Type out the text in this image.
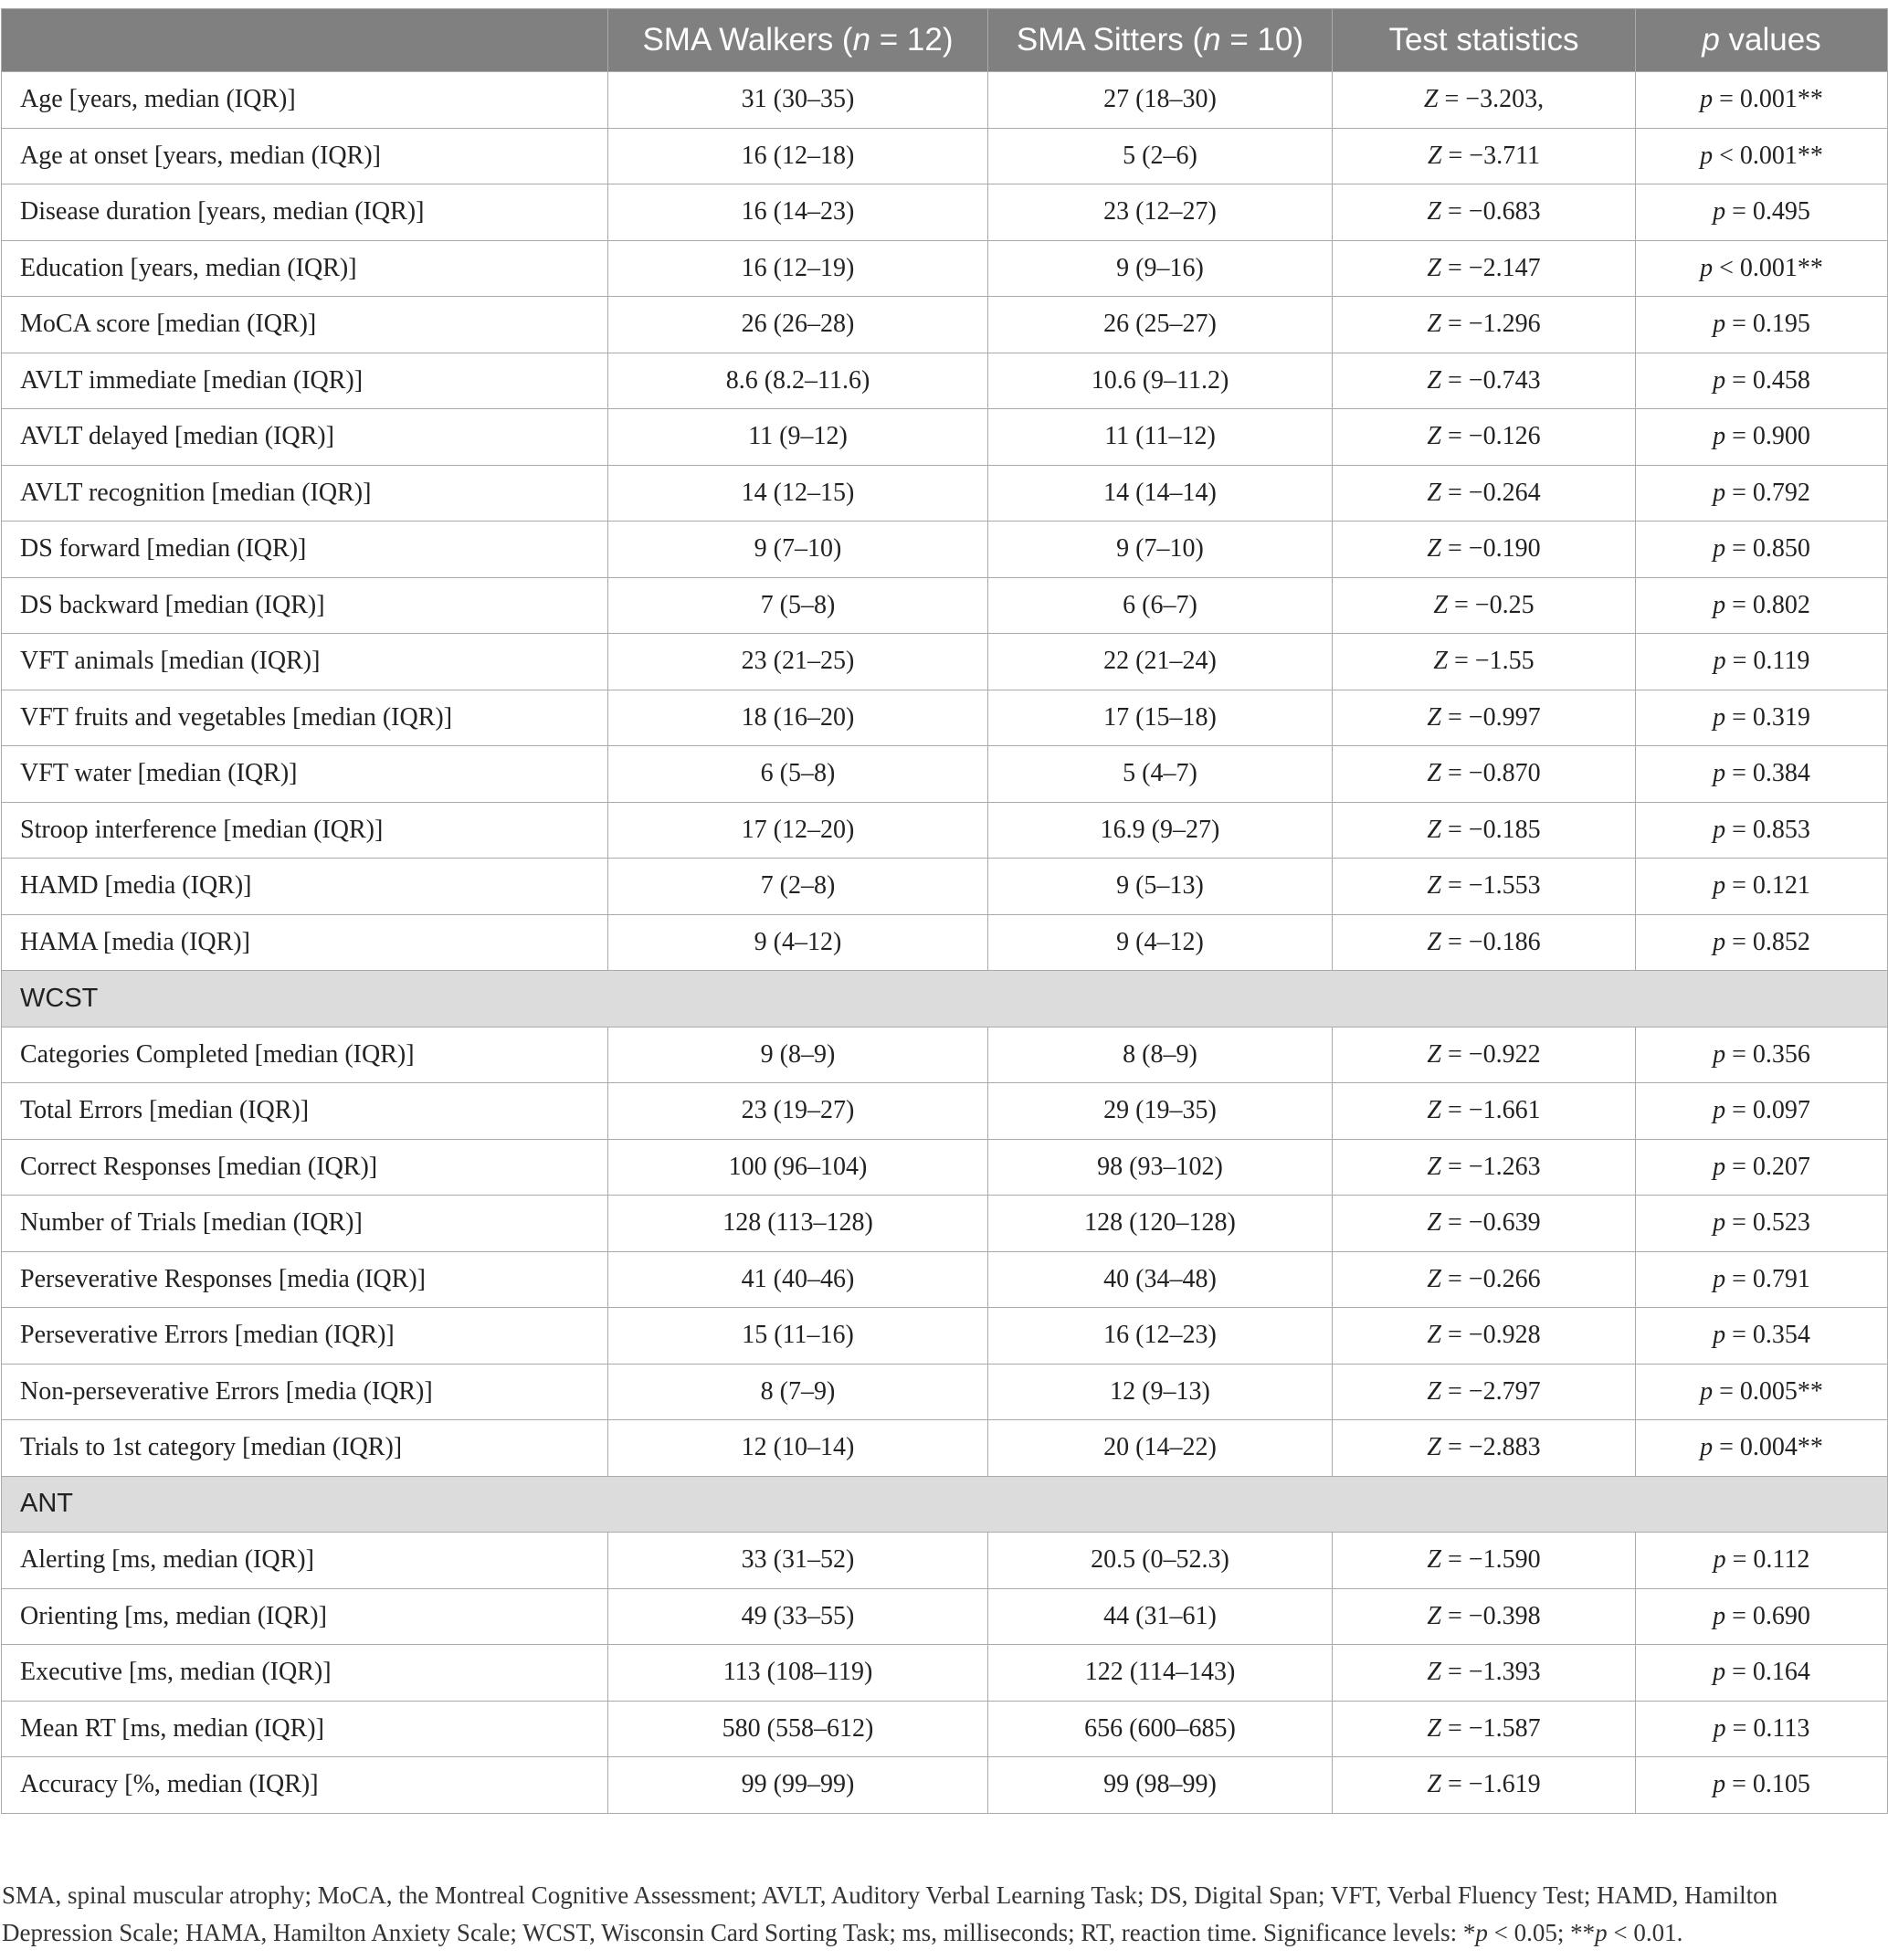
	SMA Walkers (n = 12)	SMA Sitters (n = 10)	Test statistics	p values
Age [years, median (IQR)]	31 (30–35)	27 (18–30)	Z = −3.203,	p = 0.001**
Age at onset [years, median (IQR)]	16 (12–18)	5 (2–6)	Z = −3.711	p < 0.001**
Disease duration [years, median (IQR)]	16 (14–23)	23 (12–27)	Z = −0.683	p = 0.495
Education [years, median (IQR)]	16 (12–19)	9 (9–16)	Z = −2.147	p < 0.001**
MoCA score [median (IQR)]	26 (26–28)	26 (25–27)	Z = −1.296	p = 0.195
AVLT immediate [median (IQR)]	8.6 (8.2–11.6)	10.6 (9–11.2)	Z = −0.743	p = 0.458
AVLT delayed [median (IQR)]	11 (9–12)	11 (11–12)	Z = −0.126	p = 0.900
AVLT recognition [median (IQR)]	14 (12–15)	14 (14–14)	Z = −0.264	p = 0.792
DS forward [median (IQR)]	9 (7–10)	9 (7–10)	Z = −0.190	p = 0.850
DS backward [median (IQR)]	7 (5–8)	6 (6–7)	Z = −0.25	p = 0.802
VFT animals [median (IQR)]	23 (21–25)	22 (21–24)	Z = −1.55	p = 0.119
VFT fruits and vegetables [median (IQR)]	18 (16–20)	17 (15–18)	Z = −0.997	p = 0.319
VFT water [median (IQR)]	6 (5–8)	5 (4–7)	Z = −0.870	p = 0.384
Stroop interference [median (IQR)]	17 (12–20)	16.9 (9–27)	Z = −0.185	p = 0.853
HAMD [media (IQR)]	7 (2–8)	9 (5–13)	Z = −1.553	p = 0.121
HAMA [media (IQR)]	9 (4–12)	9 (4–12)	Z = −0.186	p = 0.852
WCST				
Categories Completed [median (IQR)]	9 (8–9)	8 (8–9)	Z = −0.922	p = 0.356
Total Errors [median (IQR)]	23 (19–27)	29 (19–35)	Z = −1.661	p = 0.097
Correct Responses [median (IQR)]	100 (96–104)	98 (93–102)	Z = −1.263	p = 0.207
Number of Trials [median (IQR)]	128 (113–128)	128 (120–128)	Z = −0.639	p = 0.523
Perseverative Responses [media (IQR)]	41 (40–46)	40 (34–48)	Z = −0.266	p = 0.791
Perseverative Errors [median (IQR)]	15 (11–16)	16 (12–23)	Z = −0.928	p = 0.354
Non-perseverative Errors [media (IQR)]	8 (7–9)	12 (9–13)	Z = −2.797	p = 0.005**
Trials to 1st category [median (IQR)]	12 (10–14)	20 (14–22)	Z = −2.883	p = 0.004**
ANT				
Alerting [ms, median (IQR)]	33 (31–52)	20.5 (0–52.3)	Z = −1.590	p = 0.112
Orienting [ms, median (IQR)]	49 (33–55)	44 (31–61)	Z = −0.398	p = 0.690
Executive [ms, median (IQR)]	113 (108–119)	122 (114–143)	Z = −1.393	p = 0.164
Mean RT [ms, median (IQR)]	580 (558–612)	656 (600–685)	Z = −1.587	p = 0.113
Accuracy [%, median (IQR)]	99 (99–99)	99 (98–99)	Z = −1.619	p = 0.105
SMA, spinal muscular atrophy; MoCA, the Montreal Cognitive Assessment; AVLT, Auditory Verbal Learning Task; DS, Digital Span; VFT, Verbal Fluency Test; HAMD, Hamilton Depression Scale; HAMA, Hamilton Anxiety Scale; WCST, Wisconsin Card Sorting Task; ms, milliseconds; RT, reaction time. Significance levels: *p < 0.05; **p < 0.01.
